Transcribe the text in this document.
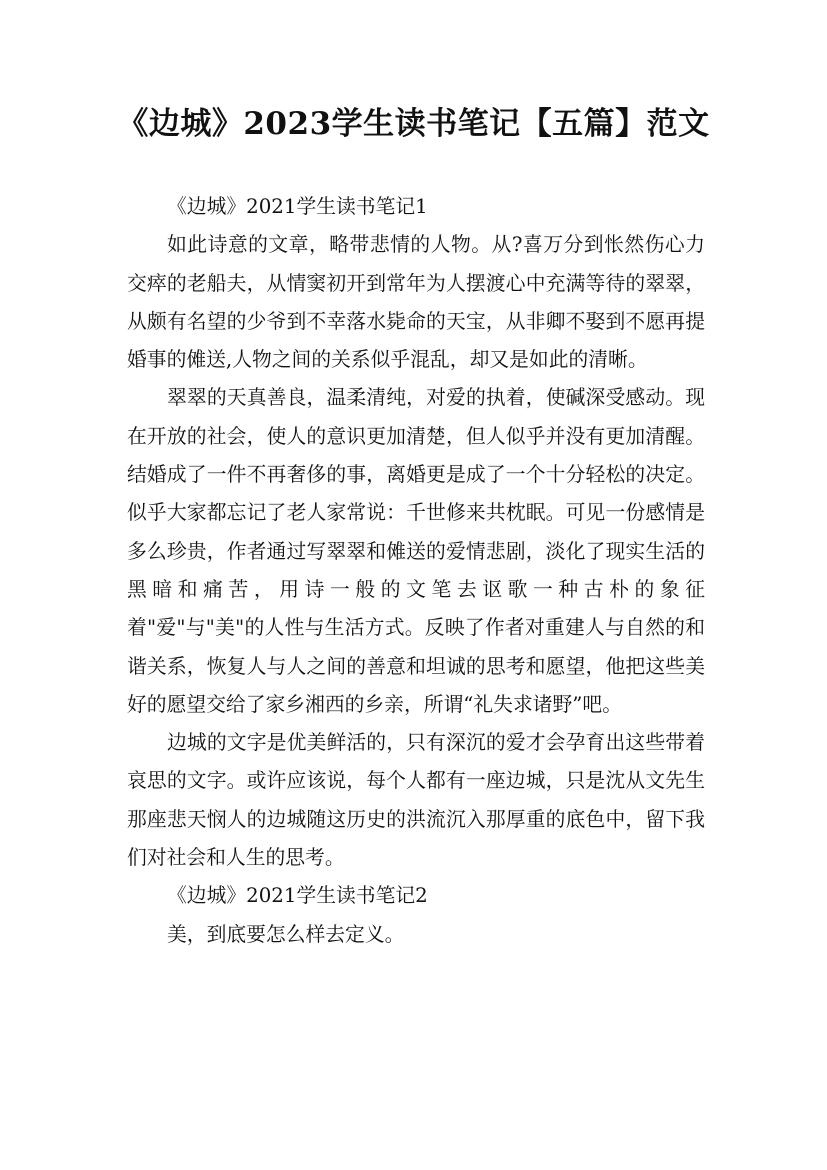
《边城》2023学生读书笔记【五篇】范文

《边城》2021学生读书笔记1

如此诗意的文章，略带悲情的人物。从?喜万分到怅然伤心力交瘁的老船夫，从情窦初开到常年为人摆渡心中充满等待的翠翠，从颇有名望的少爷到不幸落水毙命的天宝，从非卿不娶到不愿再提婚事的傩送,人物之间的关系似乎混乱，却又是如此的清晰。

翠翠的天真善良，温柔清纯，对爱的执着，使碱深受感动。现在开放的社会，使人的意识更加清楚，但人似乎并没有更加清醒。结婚成了一件不再奢侈的事，离婚更是成了一个十分轻松的决定。似乎大家都忘记了老人家常说：千世修来共枕眠。可见一份感情是多么珍贵，作者通过写翠翠和傩送的爱情悲剧，淡化了现实生活的黑暗和痛苦，用诗一般的文笔去讴歌一种古朴的象征着"爱"与"美"的人性与生活方式。反映了作者对重建人与自然的和谐关系，恢复人与人之间的善意和坦诚的思考和愿望，他把这些美好的愿望交给了家乡湘西的乡亲，所谓“礼失求诸野”吧。

边城的文字是优美鲜活的，只有深沉的爱才会孕育出这些带着哀思的文字。或许应该说，每个人都有一座边城，只是沈从文先生那座悲天悯人的边城随这历史的洪流沉入那厚重的底色中，留下我们对社会和人生的思考。

《边城》2021学生读书笔记2

美，到底要怎么样去定义。
